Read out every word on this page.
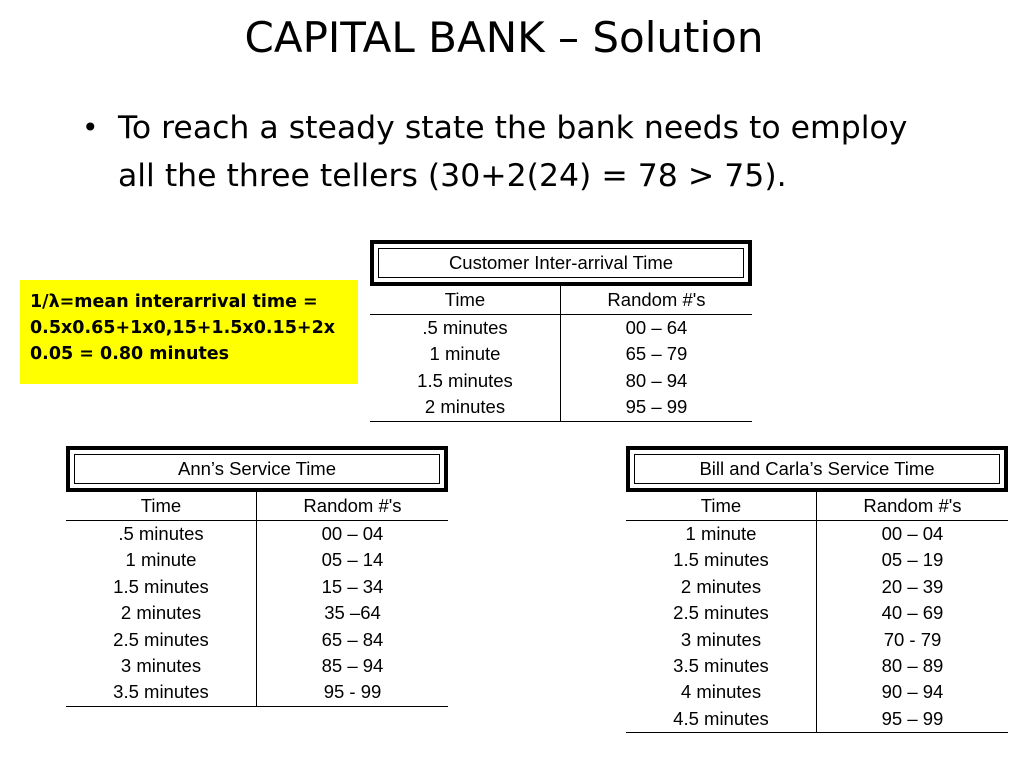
CAPITAL BANK – Solution
• To reach a steady state the bank needs to employ
all the three tellers (30+2(24) = 78 > 75).
1/λ=mean interarrival time =
0.5x0.65+1x0,15+1.5x0.15+2x
0.05 = 0.80 minutes
Customer Inter-arrival Time
Time	Random #'s
.5 minutes	00 – 64
1 minute	65 – 79
1.5 minutes	80 – 94
2 minutes	95 – 99
Ann’s Service Time
Time	Random #'s
.5 minutes	00 – 04
1 minute	05 – 14
1.5 minutes	15 – 34
2 minutes	35 –64
2.5 minutes	65 – 84
3 minutes	85 – 94
3.5 minutes	95 - 99
Bill and Carla’s Service Time
Time	Random #'s
1 minute	00 – 04
1.5 minutes	05 – 19
2 minutes	20 – 39
2.5 minutes	40 – 69
3 minutes	70 - 79
3.5 minutes	80 – 89
4 minutes	90 – 94
4.5 minutes	95 – 99
